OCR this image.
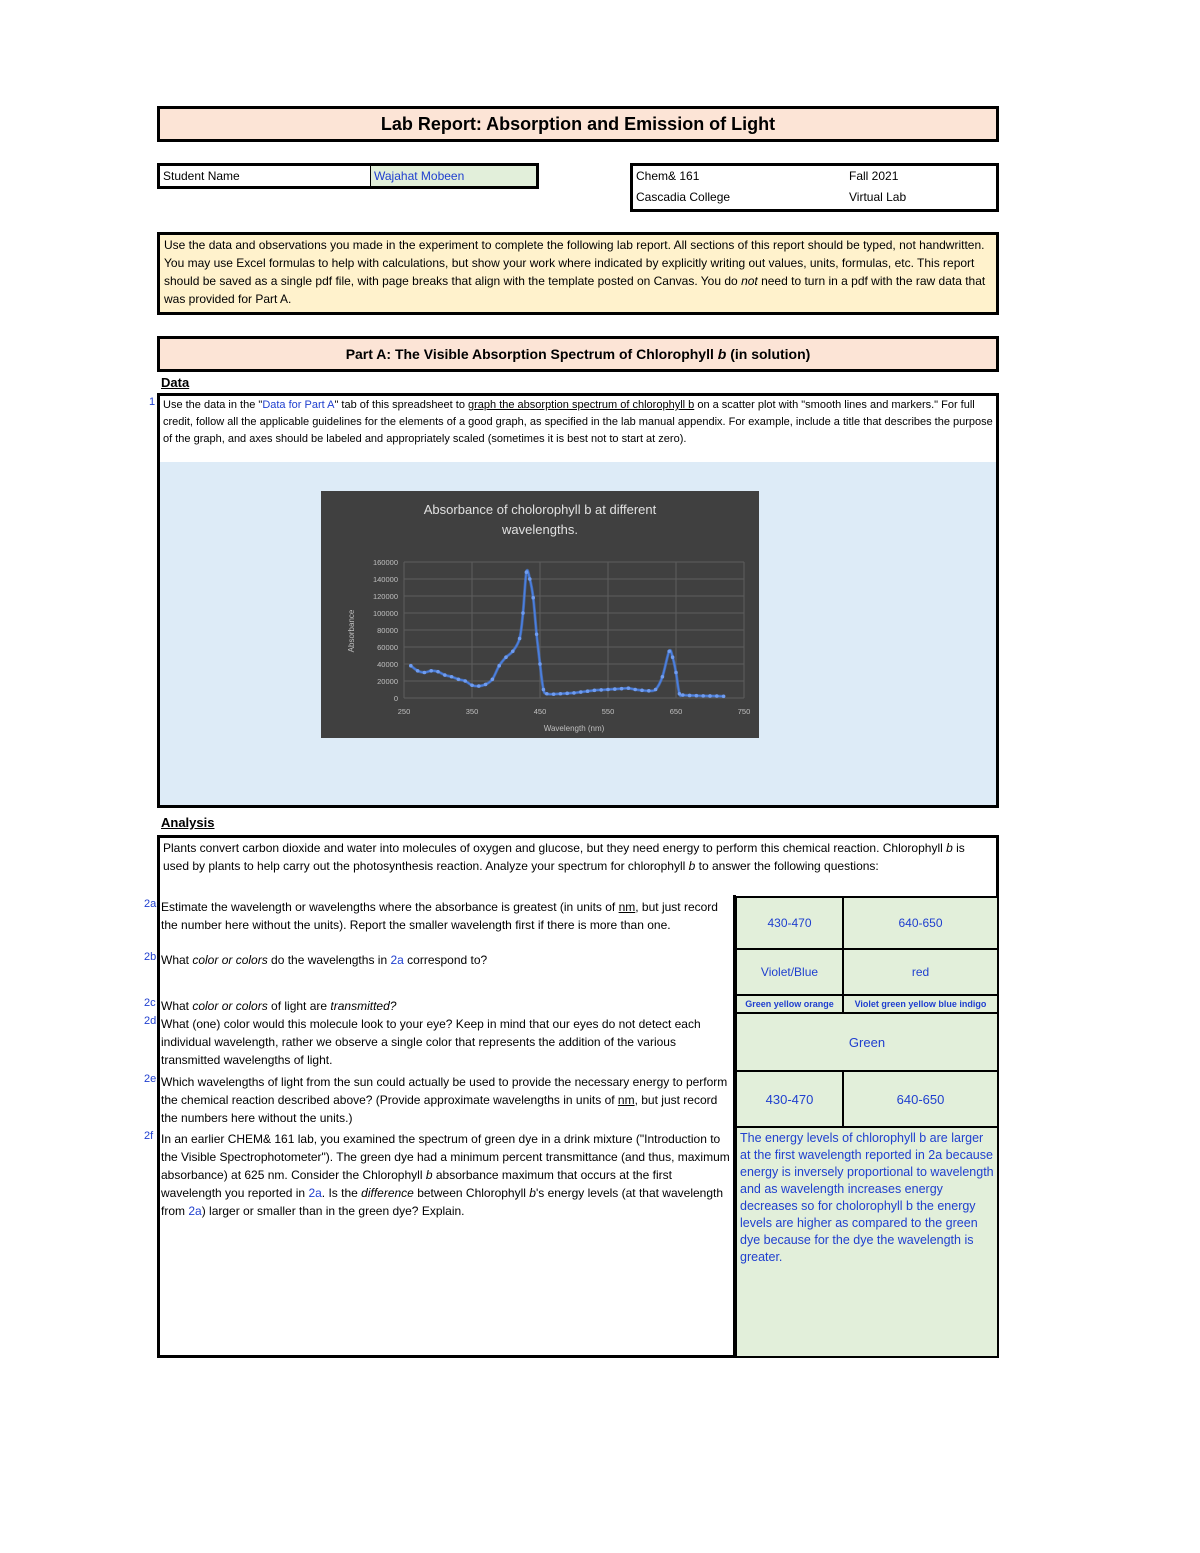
Lab Report: Absorption and Emission of Light
Student Name	Wajahat Mobeen	Chem& 161	Fall 2021
Cascadia College	Virtual Lab
Use the data and observations you made in the experiment to complete the following lab report. All sections of this report should be typed, not handwritten. You may use Excel formulas to help with calculations, but show your work where indicated by explicitly writing out values, units, formulas, etc. This report should be saved as a single pdf file, with page breaks that align with the template posted on Canvas. You do not need to turn in a pdf with the raw data that was provided for Part A.
Part A: The Visible Absorption Spectrum of Chlorophyll b (in solution)
Data
1 Use the data in the "Data for Part A" tab of this spreadsheet to graph the absorption spectrum of chlorophyll b on a scatter plot with "smooth lines and markers." For full credit, follow all the applicable guidelines for the elements of a good graph, as specified in the lab manual appendix. For example, include a title that describes the purpose of the graph, and axes should be labeled and appropriately scaled (sometimes it is best not to start at zero).
Absorbance of cholorophyll b at different
wavelengths.
0
20000
40000
60000
80000
100000
120000
140000
160000
250	350	450	550	650	750
Wavelength (nm)
Absorbance
Analysis
Plants convert carbon dioxide and water into molecules of oxygen and glucose, but they need energy to perform this chemical reaction. Chlorophyll b is used by plants to help carry out the photosynthesis reaction. Analyze your spectrum for chlorophyll b to answer the following questions:
2a Estimate the wavelength or wavelengths where the absorbance is greatest (in units of nm, but just record the number here without the units). Report the smaller wavelength first if there is more than one.	430-470	640-650
2b What color or colors do the wavelengths in 2a correspond to?
Violet/Blue	red
2c What color or colors of light are transmitted?	Green yellow orange	Violet green yellow blue indigo
2d What (one) color would this molecule look to your eye? Keep in mind that our eyes do not detect each individual wavelength, rather we observe a single color that represents the addition of the various transmitted wavelengths of light.
Green
2e Which wavelengths of light from the sun could actually be used to provide the necessary energy to perform the chemical reaction described above? (Provide approximate wavelengths in units of nm, but just record the numbers here without the units.)
430-470	640-650
2f In an earlier CHEM& 161 lab, you examined the spectrum of green dye in a drink mixture ("Introduction to the Visible Spectrophotometer"). The green dye had a minimum percent transmittance (and thus, maximum absorbance) at 625 nm. Consider the Chlorophyll b absorbance maximum that occurs at the first wavelength you reported in 2a. Is the difference between Chlorophyll b's energy levels (at that wavelength from 2a) larger or smaller than in the green dye? Explain.
The energy levels of chlorophyll b are larger at the first wavelength reported in 2a because energy is inversely proportional to wavelength and as wavelength increases energy decreases so for cholorophyll b the energy levels are higher as compared to the green dye because for the dye the wavelength is greater.
